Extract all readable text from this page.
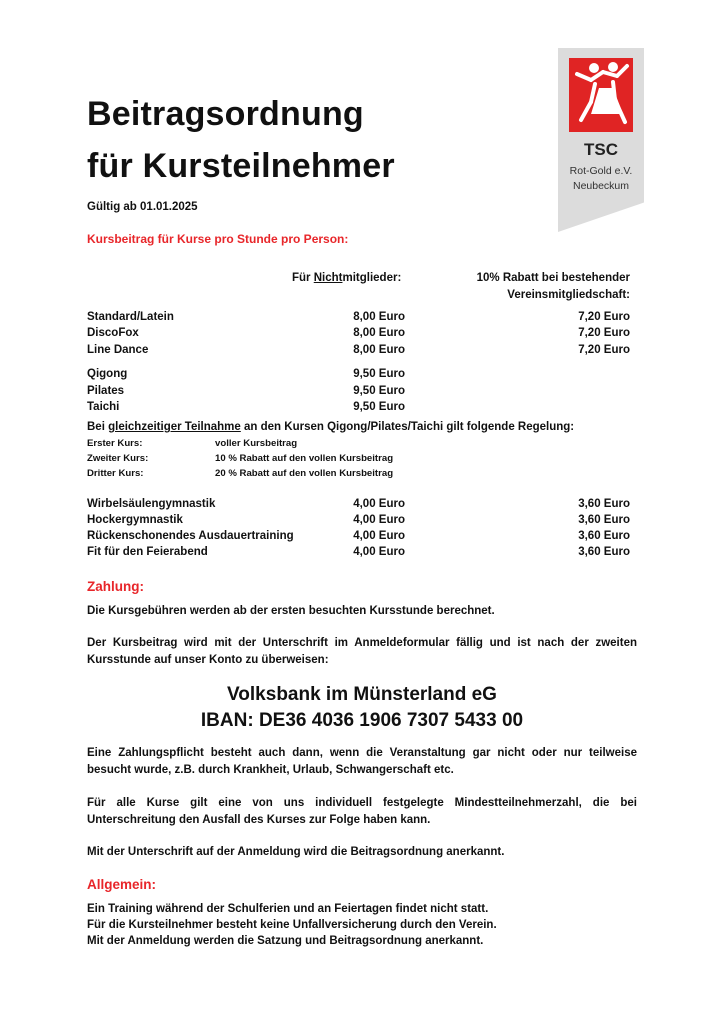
TSC
Rot-Gold e.V.
Neubeckum
Beitragsordnung
für Kursteilnehmer
Gültig ab 01.01.2025
Kursbeitrag für Kurse pro Stunde pro Person:
Für Nichtmitglieder:	10% Rabatt bei bestehender
Vereinsmitgliedschaft:
Standard/Latein	8,00 Euro	7,20 Euro
DiscoFox	8,00 Euro	7,20 Euro
Line Dance	8,00 Euro	7,20 Euro
Qigong	9,50 Euro
Pilates	9,50 Euro
Taichi	9,50 Euro
Bei gleichzeitiger Teilnahme an den Kursen Qigong/Pilates/Taichi gilt folgende Regelung:
Erster Kurs:	voller Kursbeitrag
Zweiter Kurs:	10 % Rabatt auf den vollen Kursbeitrag
Dritter Kurs:	20 % Rabatt auf den vollen Kursbeitrag
Wirbelsäulengymnastik	4,00 Euro	3,60 Euro
Hockergymnastik	4,00 Euro	3,60 Euro
Rückenschonendes Ausdauertraining	4,00 Euro	3,60 Euro
Fit für den Feierabend	4,00 Euro	3,60 Euro
Zahlung:
Die Kursgebühren werden ab der ersten besuchten Kursstunde berechnet.
Der Kursbeitrag wird mit der Unterschrift im Anmeldeformular fällig und ist nach der zweiten Kursstunde auf unser Konto zu überweisen:
Volksbank im Münsterland eG
IBAN: DE36 4036 1906 7307 5433 00
Eine Zahlungspflicht besteht auch dann, wenn die Veranstaltung gar nicht oder nur teilweise besucht wurde, z.B. durch Krankheit, Urlaub, Schwangerschaft etc.
Für alle Kurse gilt eine von uns individuell festgelegte Mindestteilnehmerzahl, die bei Unterschreitung den Ausfall des Kurses zur Folge haben kann.
Mit der Unterschrift auf der Anmeldung wird die Beitragsordnung anerkannt.
Allgemein:
Ein Training während der Schulferien und an Feiertagen findet nicht statt.
Für die Kursteilnehmer besteht keine Unfallversicherung durch den Verein.
Mit der Anmeldung werden die Satzung und Beitragsordnung anerkannt.
